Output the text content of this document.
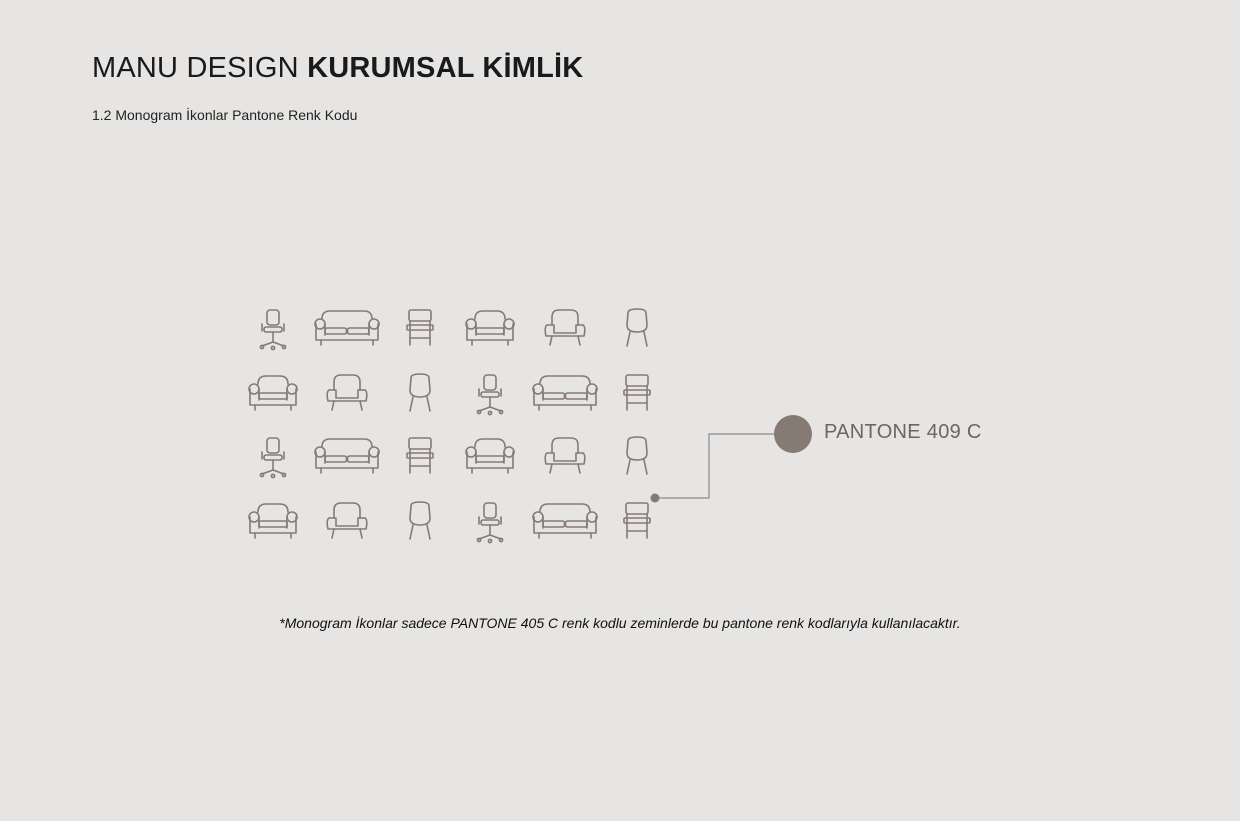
MANU DESIGN KURUMSAL KİMLİK
1.2 Monogram İkonlar Pantone Renk Kodu
PANTONE 409 C
*Monogram İkonlar sadece PANTONE 405 C renk kodlu zeminlerde bu pantone renk kodlarıyla kullanılacaktır.
